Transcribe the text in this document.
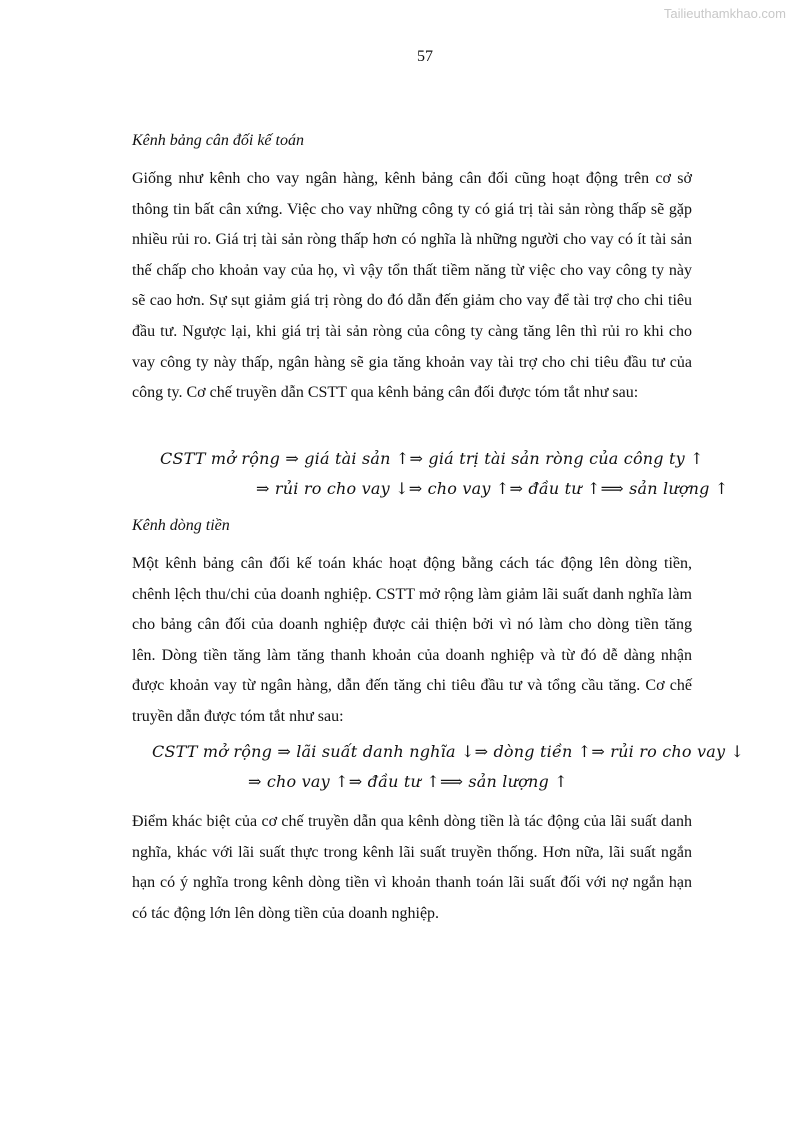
Tailieuthamkhao.com
57
Kênh bảng cân đối kế toán
Giống như kênh cho vay ngân hàng, kênh bảng cân đối cũng hoạt động trên cơ sở thông tin bất cân xứng. Việc cho vay những công ty có giá trị tài sản ròng thấp sẽ gặp nhiều rủi ro. Giá trị tài sản ròng thấp hơn có nghĩa là những người cho vay có ít tài sản thế chấp cho khoản vay của họ, vì vậy tổn thất tiềm năng từ việc cho vay công ty này sẽ cao hơn. Sự sụt giảm giá trị ròng do đó dẫn đến giảm cho vay để tài trợ cho chi tiêu đầu tư. Ngược lại, khi giá trị tài sản ròng của công ty càng tăng lên thì rủi ro khi cho vay công ty này thấp, ngân hàng sẽ gia tăng khoản vay tài trợ cho chi tiêu đầu tư của công ty. Cơ chế truyền dẫn CSTT qua kênh bảng cân đối được tóm tắt như sau:
CSTT mở rộng ⇒ giá tài sản ↑⇒ giá trị tài sản ròng của công ty ↑
⇒ rủi ro cho vay ↓⇒ cho vay ↑⇒ đầu tư ↑⟹ sản lượng ↑
Kênh dòng tiền
Một kênh bảng cân đối kế toán khác hoạt động bằng cách tác động lên dòng tiền, chênh lệch thu/chi của doanh nghiệp. CSTT mở rộng làm giảm lãi suất danh nghĩa làm cho bảng cân đối của doanh nghiệp được cải thiện bởi vì nó làm cho dòng tiền tăng lên. Dòng tiền tăng làm tăng thanh khoản của doanh nghiệp và từ đó dễ dàng nhận được khoản vay từ ngân hàng, dẫn đến tăng chi tiêu đầu tư và tổng cầu tăng. Cơ chế truyền dẫn được tóm tắt như sau:
CSTT mở rộng ⇒ lãi suất danh nghĩa ↓⇒ dòng tiền ↑⇒ rủi ro cho vay ↓
⇒ cho vay ↑⇒ đầu tư ↑⟹ sản lượng ↑
Điểm khác biệt của cơ chế truyền dẫn qua kênh dòng tiền là tác động của lãi suất danh nghĩa, khác với lãi suất thực trong kênh lãi suất truyền thống. Hơn nữa, lãi suất ngắn hạn có ý nghĩa trong kênh dòng tiền vì khoản thanh toán lãi suất đối với nợ ngắn hạn có tác động lớn lên dòng tiền của doanh nghiệp.
